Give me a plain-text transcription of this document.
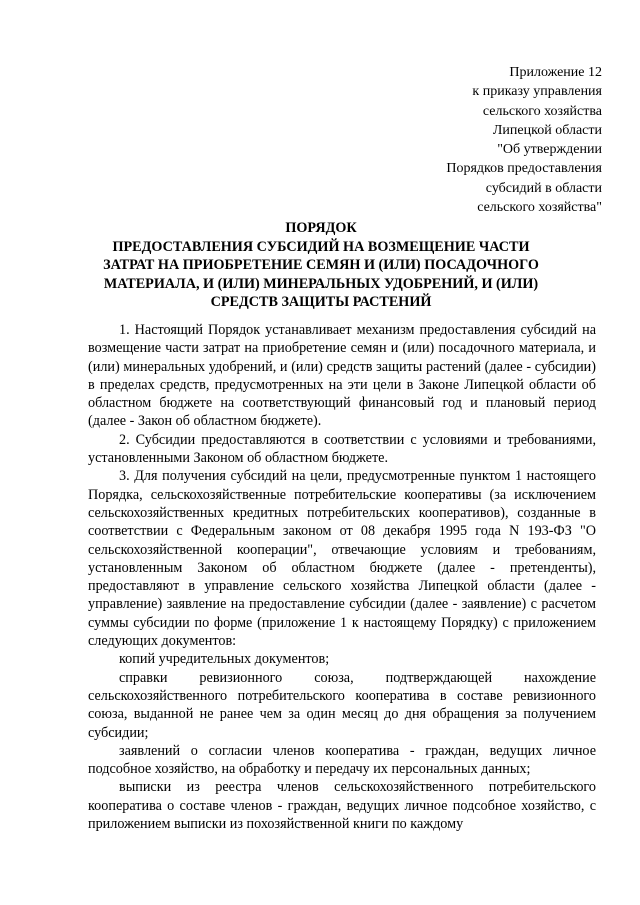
Приложение 12
к приказу управления
сельского хозяйства
Липецкой области
"Об утверждении
Порядков предоставления
субсидий в области
сельского хозяйства"
ПОРЯДОК
ПРЕДОСТАВЛЕНИЯ СУБСИДИЙ НА ВОЗМЕЩЕНИЕ ЧАСТИ
ЗАТРАТ НА ПРИОБРЕТЕНИЕ СЕМЯН И (ИЛИ) ПОСАДОЧНОГО
МАТЕРИАЛА, И (ИЛИ) МИНЕРАЛЬНЫХ УДОБРЕНИЙ, И (ИЛИ)
СРЕДСТВ ЗАЩИТЫ РАСТЕНИЙ

1. Настоящий Порядок устанавливает механизм предоставления субсидий на возмещение части затрат на приобретение семян и (или) посадочного материала, и (или) минеральных удобрений, и (или) средств защиты растений (далее - субсидии) в пределах средств, предусмотренных на эти цели в Законе Липецкой области об областном бюджете на соответствующий финансовый год и плановый период (далее - Закон об областном бюджете).

2. Субсидии предоставляются в соответствии с условиями и требованиями, установленными Законом об областном бюджете.

3. Для получения субсидий на цели, предусмотренные пунктом 1 настоящего Порядка, сельскохозяйственные потребительские кооперативы (за исключением сельскохозяйственных кредитных потребительских кооперативов), созданные в соответствии с Федеральным законом от 08 декабря 1995 года N 193-ФЗ "О сельскохозяйственной кооперации", отвечающие условиям и требованиям, установленным Законом об областном бюджете (далее - претенденты), предоставляют в управление сельского хозяйства Липецкой области (далее - управление) заявление на предоставление субсидии (далее - заявление) с расчетом суммы субсидии по форме (приложение 1 к настоящему Порядку) с приложением следующих документов:

копий учредительных документов;

справки ревизионного союза, подтверждающей нахождение сельскохозяйственного потребительского кооператива в составе ревизионного союза, выданной не ранее чем за один месяц до дня обращения за получением субсидии;

заявлений о согласии членов кооператива - граждан, ведущих личное подсобное хозяйство, на обработку и передачу их персональных данных;

выписки из реестра членов сельскохозяйственного потребительского кооператива о составе членов - граждан, ведущих личное подсобное хозяйство, с приложением выписки из похозяйственной книги по каждому
